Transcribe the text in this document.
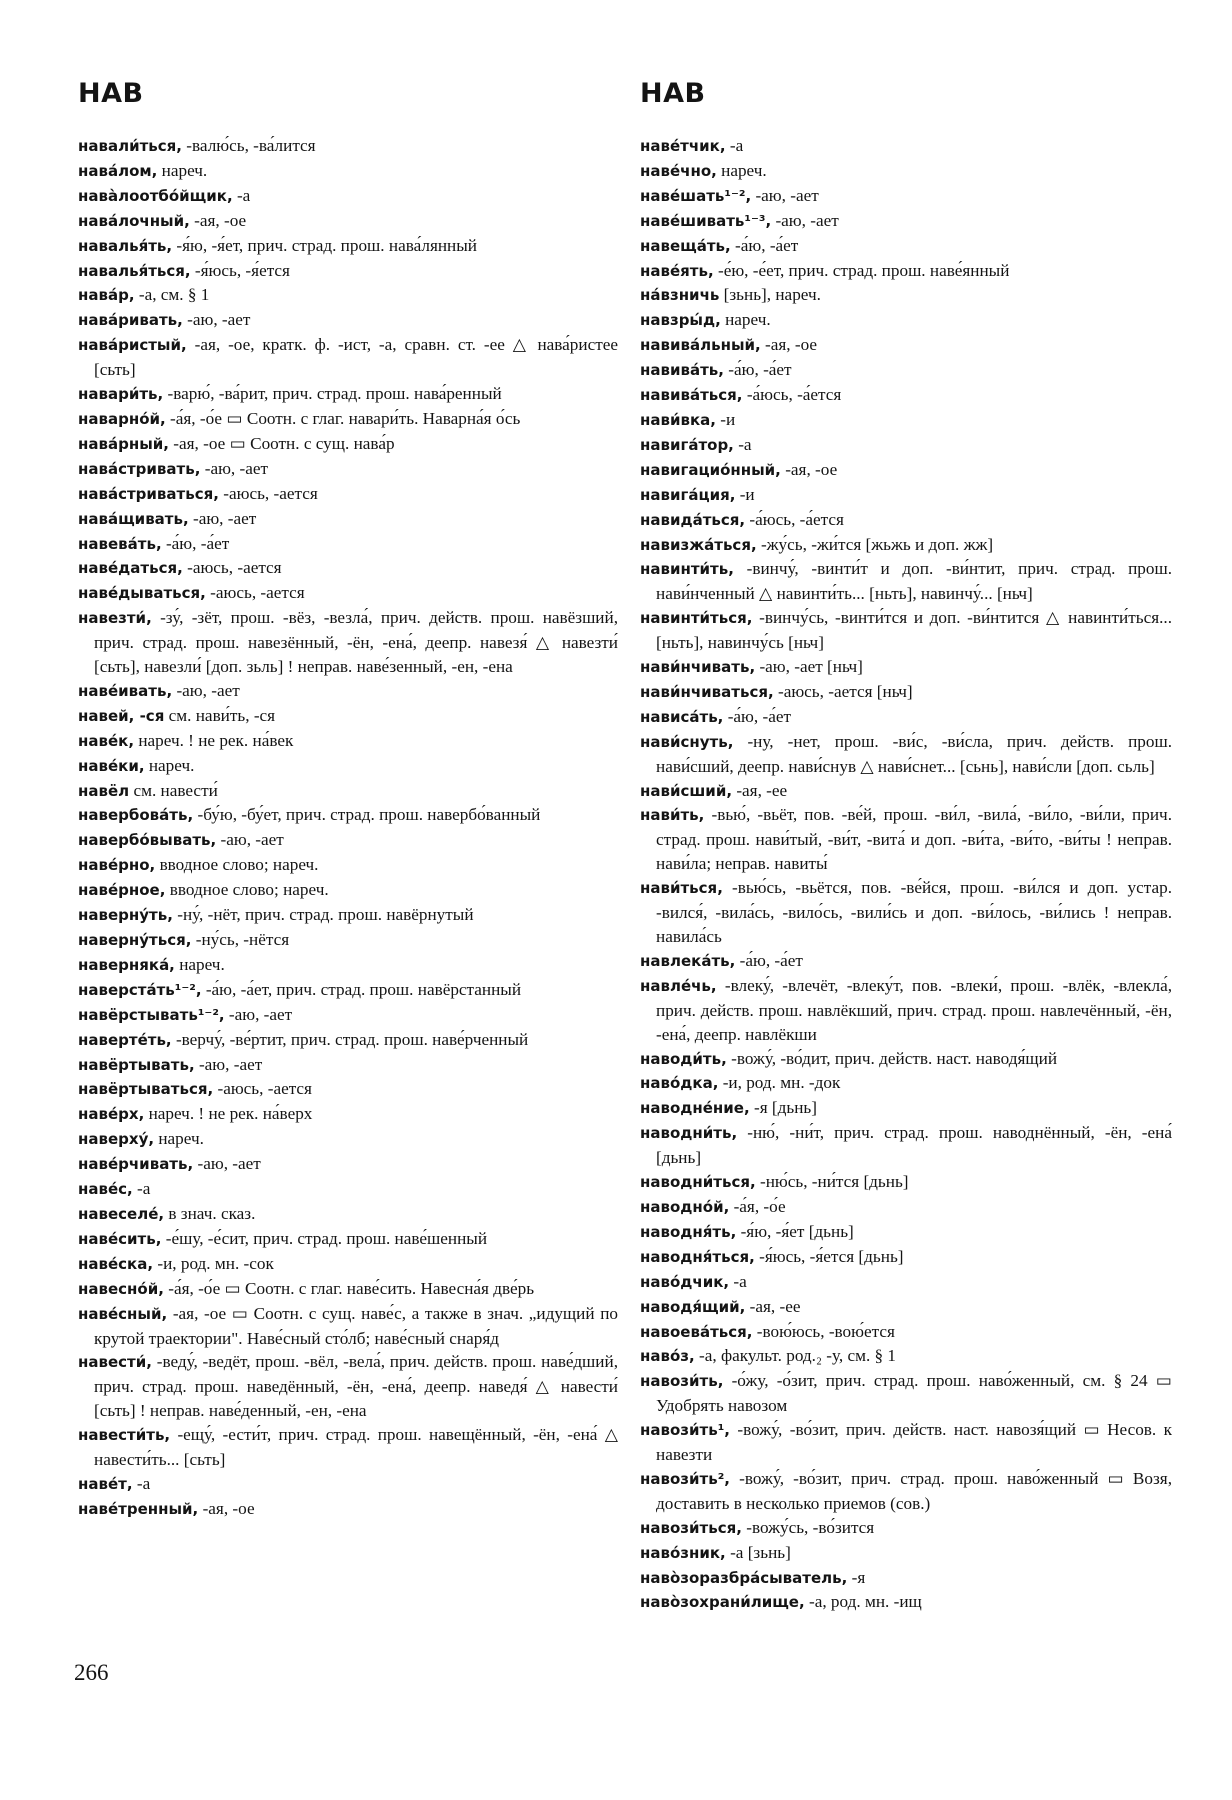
НАВ
навали́ться, -валю́сь, -ва́лится
нава́лом, нареч.
нава̀лоотбо́йщик, -а
нава́лочный, -ая, -ое
навалья́ть, -я́ю, -я́ет, прич. страд. прош. нава́лянный
навалья́ться, -я́юсь, -я́ется
нава́р, -а, см. § 1
нава́ривать, -аю, -ает
нава́ристый, -ая, -ое, кратк. ф. -ист, -а, сравн. ст. -ее △ нава́ристее [сьть]
навари́ть, -варю́, -ва́рит, прич. страд. прош. нава́ренный
наварно́й, -а́я, -о́е ▭ Соотн. с глаг. навари́ть. Наварна́я о́сь
нава́рный, -ая, -ое ▭ Соотн. с сущ. нава́р
нава́стривать, -аю, -ает
нава́стриваться, -аюсь, -ается
нава́щивать, -аю, -ает
навева́ть, -а́ю, -а́ет
наве́даться, -аюсь, -ается
наве́дываться, -аюсь, -ается
навезти́, -зу́, -зёт, прош. -вёз, -везла́, прич. действ. прош. навёзший, прич. страд. прош. навезённый, -ён, -ена́, деепр. навезя́ △ навезти́ [сьть], навезли́ [доп. зьль] ! неправ. наве́зенный, -ен, -ена
наве́ивать, -аю, -ает
навей, -ся см. нави́ть, -ся
наве́к, нареч. ! не рек. на́век
наве́ки, нареч.
навёл см. навести́
навербова́ть, -бу́ю, -бу́ет, прич. страд. прош. навербо́ванный
навербо́вывать, -аю, -ает
наве́рно, вводное слово; нареч.
наве́рное, вводное слово; нареч.
наверну́ть, -ну́, -нёт, прич. страд. прош. навёрнутый
наверну́ться, -ну́сь, -нётся
наверняка́, нареч.
наверста́ть¹⁻², -а́ю, -а́ет, прич. страд. прош. навёрстанный
навёрстывать¹⁻², -аю, -ает
наверте́ть, -верчу́, -ве́ртит, прич. страд. прош. наве́рченный
навёртывать, -аю, -ает
навёртываться, -аюсь, -ается
наве́рх, нареч. ! не рек. на́верх
наверху́, нареч.
наве́рчивать, -аю, -ает
наве́с, -а
навеселе́, в знач. сказ.
наве́сить, -е́шу, -е́сит, прич. страд. прош. наве́шенный
наве́ска, -и, род. мн. -сок
навесно́й, -а́я, -о́е ▭ Соотн. с глаг. наве́сить. Навесна́я две́рь
наве́сный, -ая, -ое ▭ Соотн. с сущ. наве́с, а также в знач. „идущий по крутой траектории". Наве́сный сто́лб; наве́сный снаря́д
навести́, -веду́, -ведёт, прош. -вёл, -вела́, прич. действ. прош. наве́дший, прич. страд. прош. наведённый, -ён, -ена́, деепр. наведя́ △ навести́ [сьть] ! неправ. наве́денный, -ен, -ена
навести́ть, -ещу́, -ести́т, прич. страд. прош. навещённый, -ён, -ена́ △ навести́ть... [сьть]
наве́т, -а
наве́тренный, -ая, -ое
НАВ
наве́тчик, -а
наве́чно, нареч.
наве́шать¹⁻², -аю, -ает
наве́шивать¹⁻³, -аю, -ает
навеща́ть, -а́ю, -а́ет
наве́ять, -е́ю, -е́ет, прич. страд. прош. наве́янный
на́взничь [зьнь], нареч.
навзры́д, нареч.
навива́льный, -ая, -ое
навива́ть, -а́ю, -а́ет
навива́ться, -а́юсь, -а́ется
нави́вка, -и
навига́тор, -а
навигацио́нный, -ая, -ое
навига́ция, -и
навида́ться, -а́юсь, -а́ется
навизжа́ться, -жу́сь, -жи́тся [жьжь и доп. жж]
навинти́ть, -винчу́, -винти́т и доп. -ви́нтит, прич. страд. прош. нави́нченный △ навинти́ть... [ньть], навинчу́... [ньч]
навинти́ться, -винчу́сь, -винти́тся и доп. -ви́нтится △ навинти́ться... [ньть], навинчу́сь [ньч]
нави́нчивать, -аю, -ает [ньч]
нави́нчиваться, -аюсь, -ается [ньч]
нависа́ть, -а́ю, -а́ет
нави́снуть, -ну, -нет, прош. -ви́с, -ви́сла, прич. действ. прош. нави́сший, деепр. нави́снув △ нави́снет... [сьнь], нави́сли [доп. сьль]
нави́сший, -ая, -ее
нави́ть, -вью́, -вьёт, пов. -ве́й, прош. -ви́л, -вила́, -ви́ло, -ви́ли, прич. страд. прош. нави́тый, -ви́т, -вита́ и доп. -ви́та, -ви́то, -ви́ты ! неправ. нави́ла; неправ. навиты́
нави́ться, -вью́сь, -вьётся, пов. -ве́йся, прош. -ви́лся и доп. устар. -вился́, -вила́сь, -вило́сь, -вили́сь и доп. -ви́лось, -ви́лись ! неправ. навила́сь
навлека́ть, -а́ю, -а́ет
навле́чь, -влеку́, -влечёт, -влеку́т, пов. -влеки́, прош. -влёк, -влекла́, прич. действ. прош. навлёкший, прич. страд. прош. навлечённый, -ён, -ена́, деепр. навлёкши
наводи́ть, -вожу́, -во́дит, прич. действ. наст. наводя́щий
наво́дка, -и, род. мн. -док
наводне́ние, -я [дьнь]
наводни́ть, -ню́, -ни́т, прич. страд. прош. наводнённый, -ён, -ена́ [дьнь]
наводни́ться, -ню́сь, -ни́тся [дьнь]
наводно́й, -а́я, -о́е
наводня́ть, -я́ю, -я́ет [дьнь]
наводня́ться, -я́юсь, -я́ется [дьнь]
наво́дчик, -а
наводя́щий, -ая, -ее
навоева́ться, -вою́юсь, -вою́ется
наво́з, -а, факульт. род.₂ -у, см. § 1
навози́ть, -о́жу, -о́зит, прич. страд. прош. наво́женный, см. § 24 ▭ Удобрять навозом
навози́ть¹, -вожу́, -во́зит, прич. действ. наст. навозя́щий ▭ Несов. к навезти
навози́ть², -вожу́, -во́зит, прич. страд. прош. наво́женный ▭ Возя, доставить в несколько приемов (сов.)
навози́ться, -вожу́сь, -во́зится
наво́зник, -а [зьнь]
наво̀зоразбра́сыватель, -я
наво̀зохрани́лище, -а, род. мн. -ищ
266
